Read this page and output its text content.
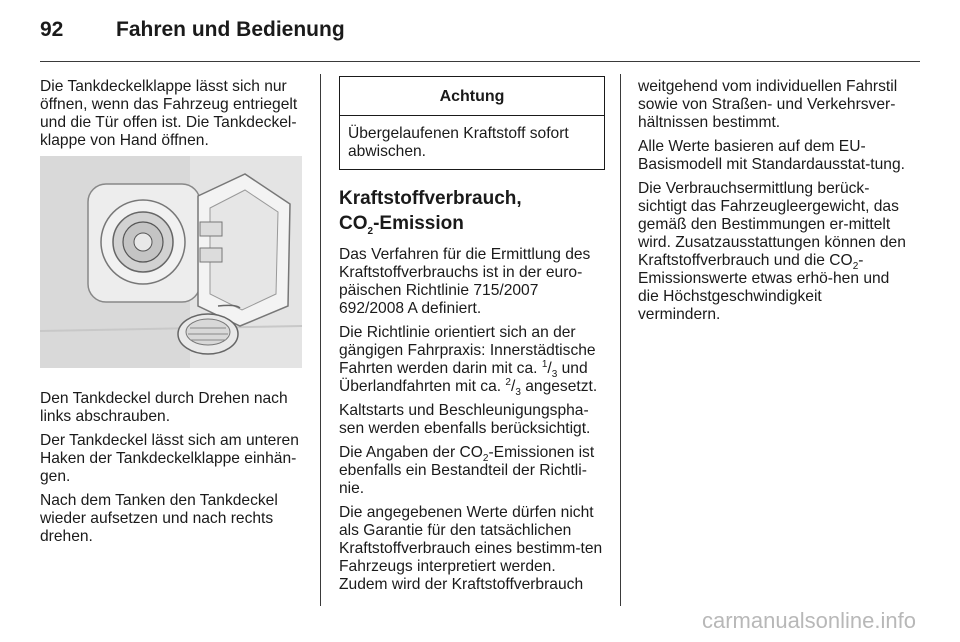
92	Fahren und Bedienung

Die Tankdeckelklappe lässt sich nur öffnen, wenn das Fahrzeug entriegelt und die Tür offen ist. Die Tankdeckel-klappe von Hand öffnen.

Den Tankdeckel durch Drehen nach links abschrauben.

Der Tankdeckel lässt sich am unteren Haken der Tankdeckelklappe einhän-gen.

Nach dem Tanken den Tankdeckel wieder aufsetzen und nach rechts drehen.

Achtung
Übergelaufenen Kraftstoff sofort abwischen.
Kraftstoffverbrauch,
$CO_2$-Emission

Das Verfahren für die Ermittlung des Kraftstoffverbrauchs ist in der euro-päischen Richtlinie 715/2007 692/2008 A definiert.

Die Richtlinie orientiert sich an der gängigen Fahrpraxis: Innerstädtische Fahrten werden darin mit ca. $^1/_3$ und Überlandfahrten mit ca. $^2/_3$ angesetzt.

Kaltstarts und Beschleunigungspha-sen werden ebenfalls berücksichtigt.

Die Angaben der $CO_2$-Emissionen ist ebenfalls ein Bestandteil der Richtli-nie.

Die angegebenen Werte dürfen nicht als Garantie für den tatsächlichen Kraftstoffverbrauch eines bestimm-ten Fahrzeugs interpretiert werden. Zudem wird der Kraftstoffverbrauch

weitgehend vom individuellen Fahrstil sowie von Straßen- und Verkehrsver-hältnissen bestimmt.

Alle Werte basieren auf dem EU-Basismodell mit Standardausstat-tung.

Die Verbrauchsermittlung berück-sichtigt das Fahrzeugleergewicht, das gemäß den Bestimmungen er-mittelt wird. Zusatzausstattungen können den Kraftstoffverbrauch und die $CO_2$-Emissionswerte etwas erhö-hen und die Höchstgeschwindigkeit vermindern.

carmanualsonline.info
